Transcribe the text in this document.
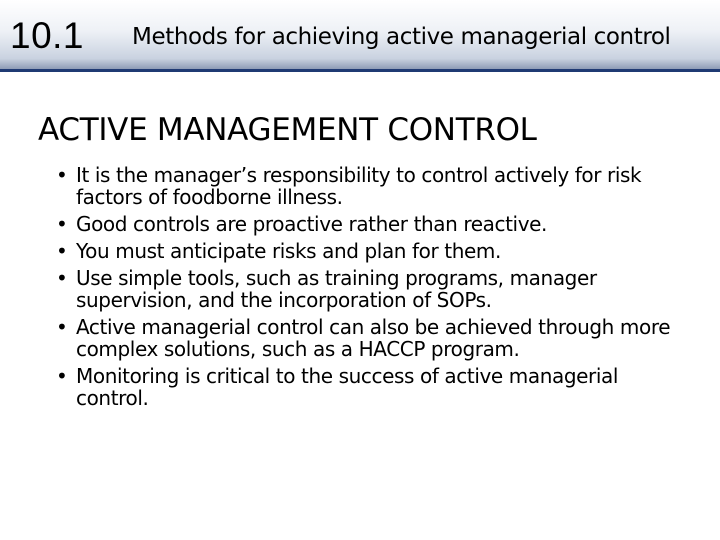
10.1 Methods for achieving active managerial control
ACTIVE MANAGEMENT CONTROL
• It is the manager’s responsibility to control actively for risk factors of foodborne illness.
• Good controls are proactive rather than reactive.
• You must anticipate risks and plan for them.
• Use simple tools, such as training programs, manager supervision, and the incorporation of SOPs.
• Active managerial control can also be achieved through more complex solutions, such as a HACCP program.
• Monitoring is critical to the success of active managerial control.
